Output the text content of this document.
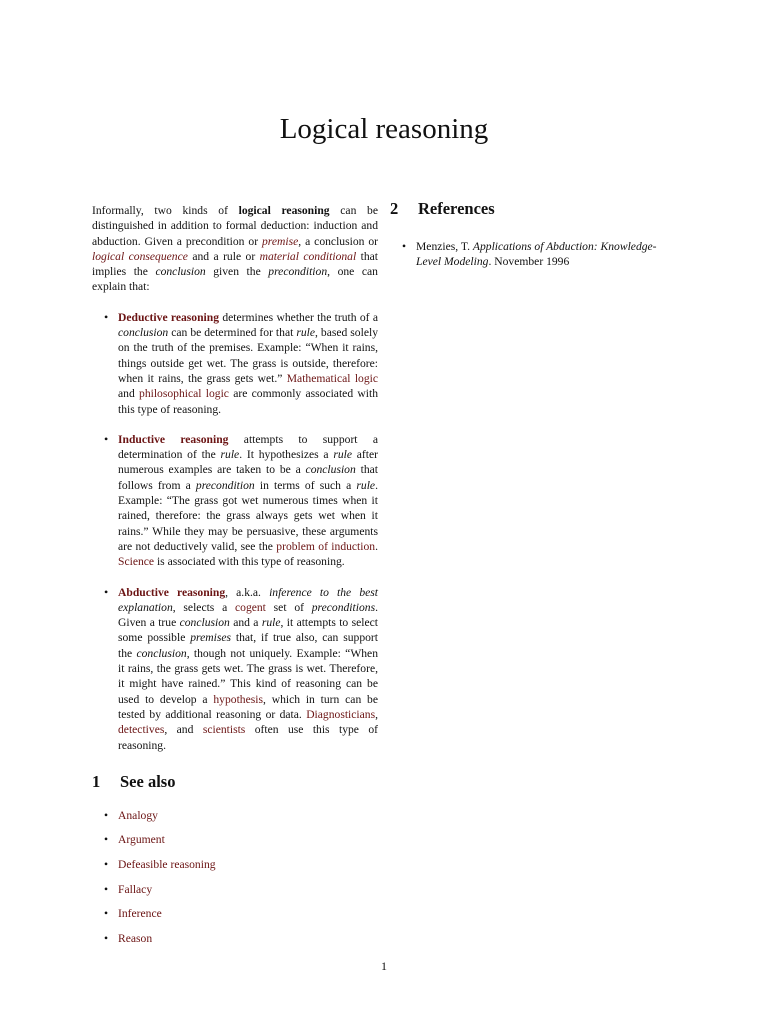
Logical reasoning

Informally, two kinds of logical reasoning can be distinguished in addition to formal deduction: induction and abduction. Given a precondition or premise, a conclusion or logical consequence and a rule or material conditional that implies the conclusion given the precondition, one can explain that:

• Deductive reasoning determines whether the truth of a conclusion can be determined for that rule, based solely on the truth of the premises. Example: “When it rains, things outside get wet. The grass is outside, therefore: when it rains, the grass gets wet.” Mathematical logic and philosophical logic are commonly associated with this type of reasoning.
• Inductive reasoning attempts to support a determination of the rule. It hypothesizes a rule after numerous examples are taken to be a conclusion that follows from a precondition in terms of such a rule. Example: “The grass got wet numerous times when it rained, therefore: the grass always gets wet when it rains.” While they may be persuasive, these arguments are not deductively valid, see the problem of induction. Science is associated with this type of reasoning.
• Abductive reasoning, a.k.a. inference to the best explanation, selects a cogent set of preconditions. Given a true conclusion and a rule, it attempts to select some possible premises that, if true also, can support the conclusion, though not uniquely. Example: “When it rains, the grass gets wet. The grass is wet. Therefore, it might have rained.” This kind of reasoning can be used to develop a hypothesis, which in turn can be tested by additional reasoning or data. Diagnosticians, detectives, and scientists often use this type of reasoning.
1	See also
• Analogy
• Argument
• Defeasible reasoning
• Fallacy
• Inference
• Reason
2	References
• Menzies, T. Applications of Abduction: Knowledge-Level Modeling. November 1996
1
